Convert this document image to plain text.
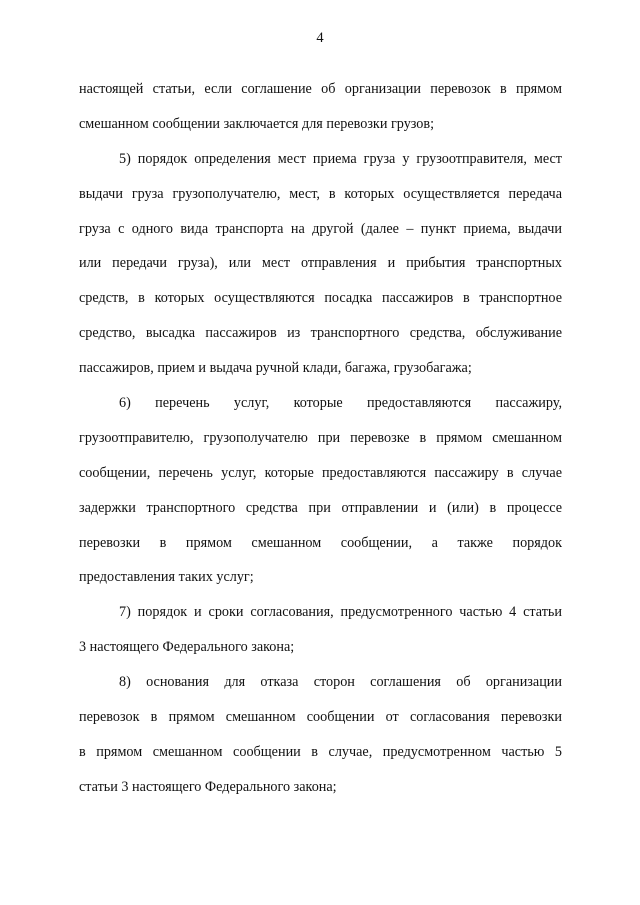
4
настоящей статьи, если соглашение об организации перевозок в прямом
смешанном сообщении заключается для перевозки грузов;
5) порядок определения мест приема груза у грузоотправителя, мест
выдачи груза грузополучателю, мест, в которых осуществляется передача
груза с одного вида транспорта на другой (далее – пункт приема, выдачи
или передачи груза), или мест отправления и прибытия транспортных
средств, в которых осуществляются посадка пассажиров в транспортное
средство, высадка пассажиров из транспортного средства, обслуживание
пассажиров, прием и выдача ручной клади, багажа, грузобагажа;
6) перечень услуг, которые предоставляются пассажиру,
грузоотправителю, грузополучателю при перевозке в прямом смешанном
сообщении, перечень услуг, которые предоставляются пассажиру в случае
задержки транспортного средства при отправлении и (или) в процессе
перевозки в прямом смешанном сообщении, а также порядок
предоставления таких услуг;
7) порядок и сроки согласования, предусмотренного частью 4 статьи
3 настоящего Федерального закона;
8) основания для отказа сторон соглашения об организации
перевозок в прямом смешанном сообщении от согласования перевозки
в прямом смешанном сообщении в случае, предусмотренном частью 5
статьи 3 настоящего Федерального закона;
